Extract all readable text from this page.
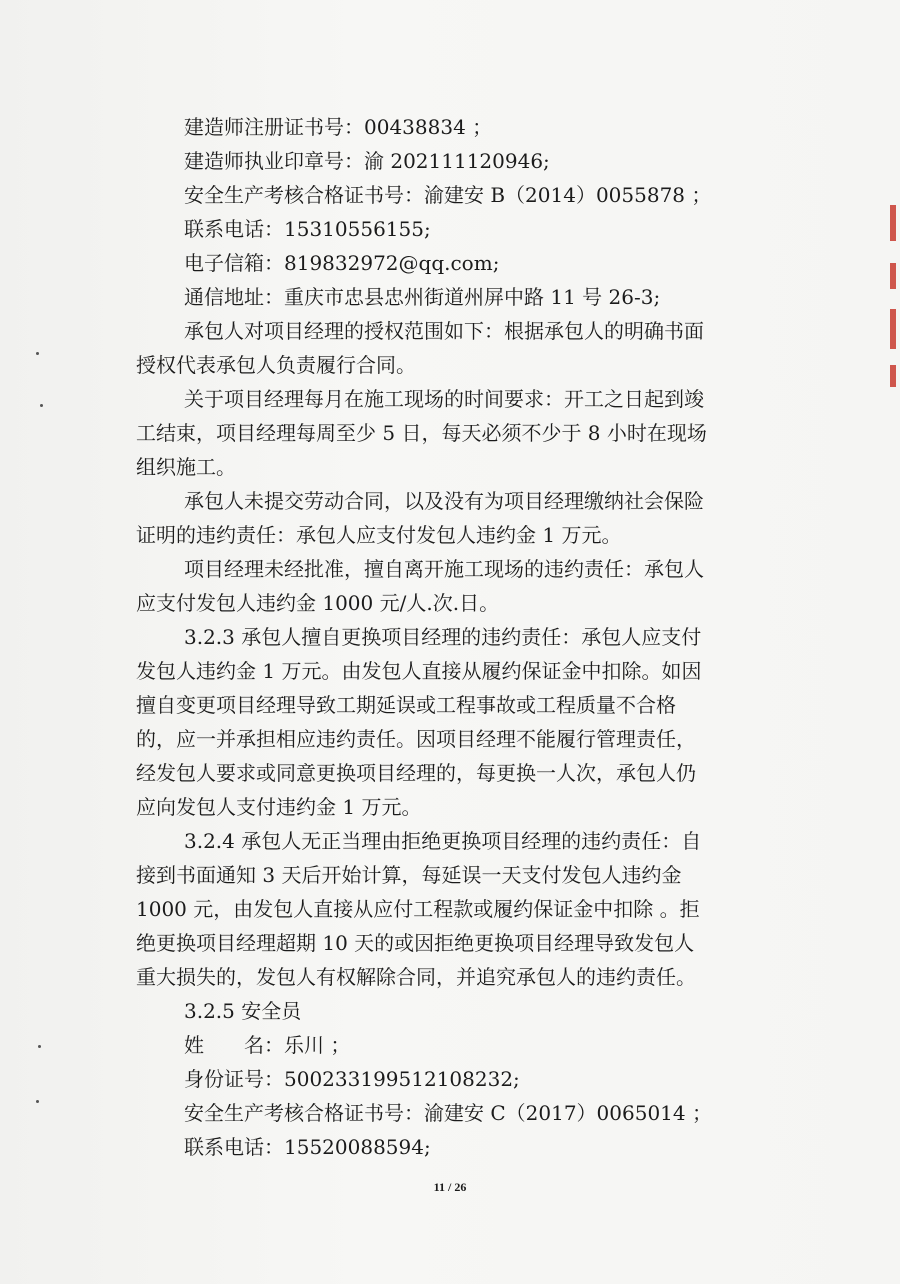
建造师注册证书号：00438834 ；
建造师执业印章号：渝 202111120946;
安全生产考核合格证书号：渝建安 B（2014）0055878 ；
联系电话：15310556155;
电子信箱：819832972@qq.com;
通信地址：重庆市忠县忠州街道州屏中路 11 号 26-3;
承包人对项目经理的授权范围如下：根据承包人的明确书面
授权代表承包人负责履行合同。
关于项目经理每月在施工现场的时间要求：开工之日起到竣
工结束，项目经理每周至少 5 日，每天必须不少于 8 小时在现场
组织施工。
承包人未提交劳动合同，以及没有为项目经理缴纳社会保险
证明的违约责任：承包人应支付发包人违约金 1 万元。
项目经理未经批准，擅自离开施工现场的违约责任：承包人
应支付发包人违约金 1000 元/人.次.日。
3.2.3 承包人擅自更换项目经理的违约责任：承包人应支付
发包人违约金 1 万元。由发包人直接从履约保证金中扣除。如因
擅自变更项目经理导致工期延误或工程事故或工程质量不合格
的，应一并承担相应违约责任。因项目经理不能履行管理责任，
经发包人要求或同意更换项目经理的，每更换一人次，承包人仍
应向发包人支付违约金 1 万元。
3.2.4 承包人无正当理由拒绝更换项目经理的违约责任：自
接到书面通知 3 天后开始计算，每延误一天支付发包人违约金
1000 元，由发包人直接从应付工程款或履约保证金中扣除 。拒
绝更换项目经理超期 10 天的或因拒绝更换项目经理导致发包人
重大损失的，发包人有权解除合同，并追究承包人的违约责任。
3.2.5 安全员
姓　　名：乐川 ；
身份证号：500233199512108232;
安全生产考核合格证书号：渝建安 C（2017）0065014 ；
联系电话：15520088594;
11 / 26
